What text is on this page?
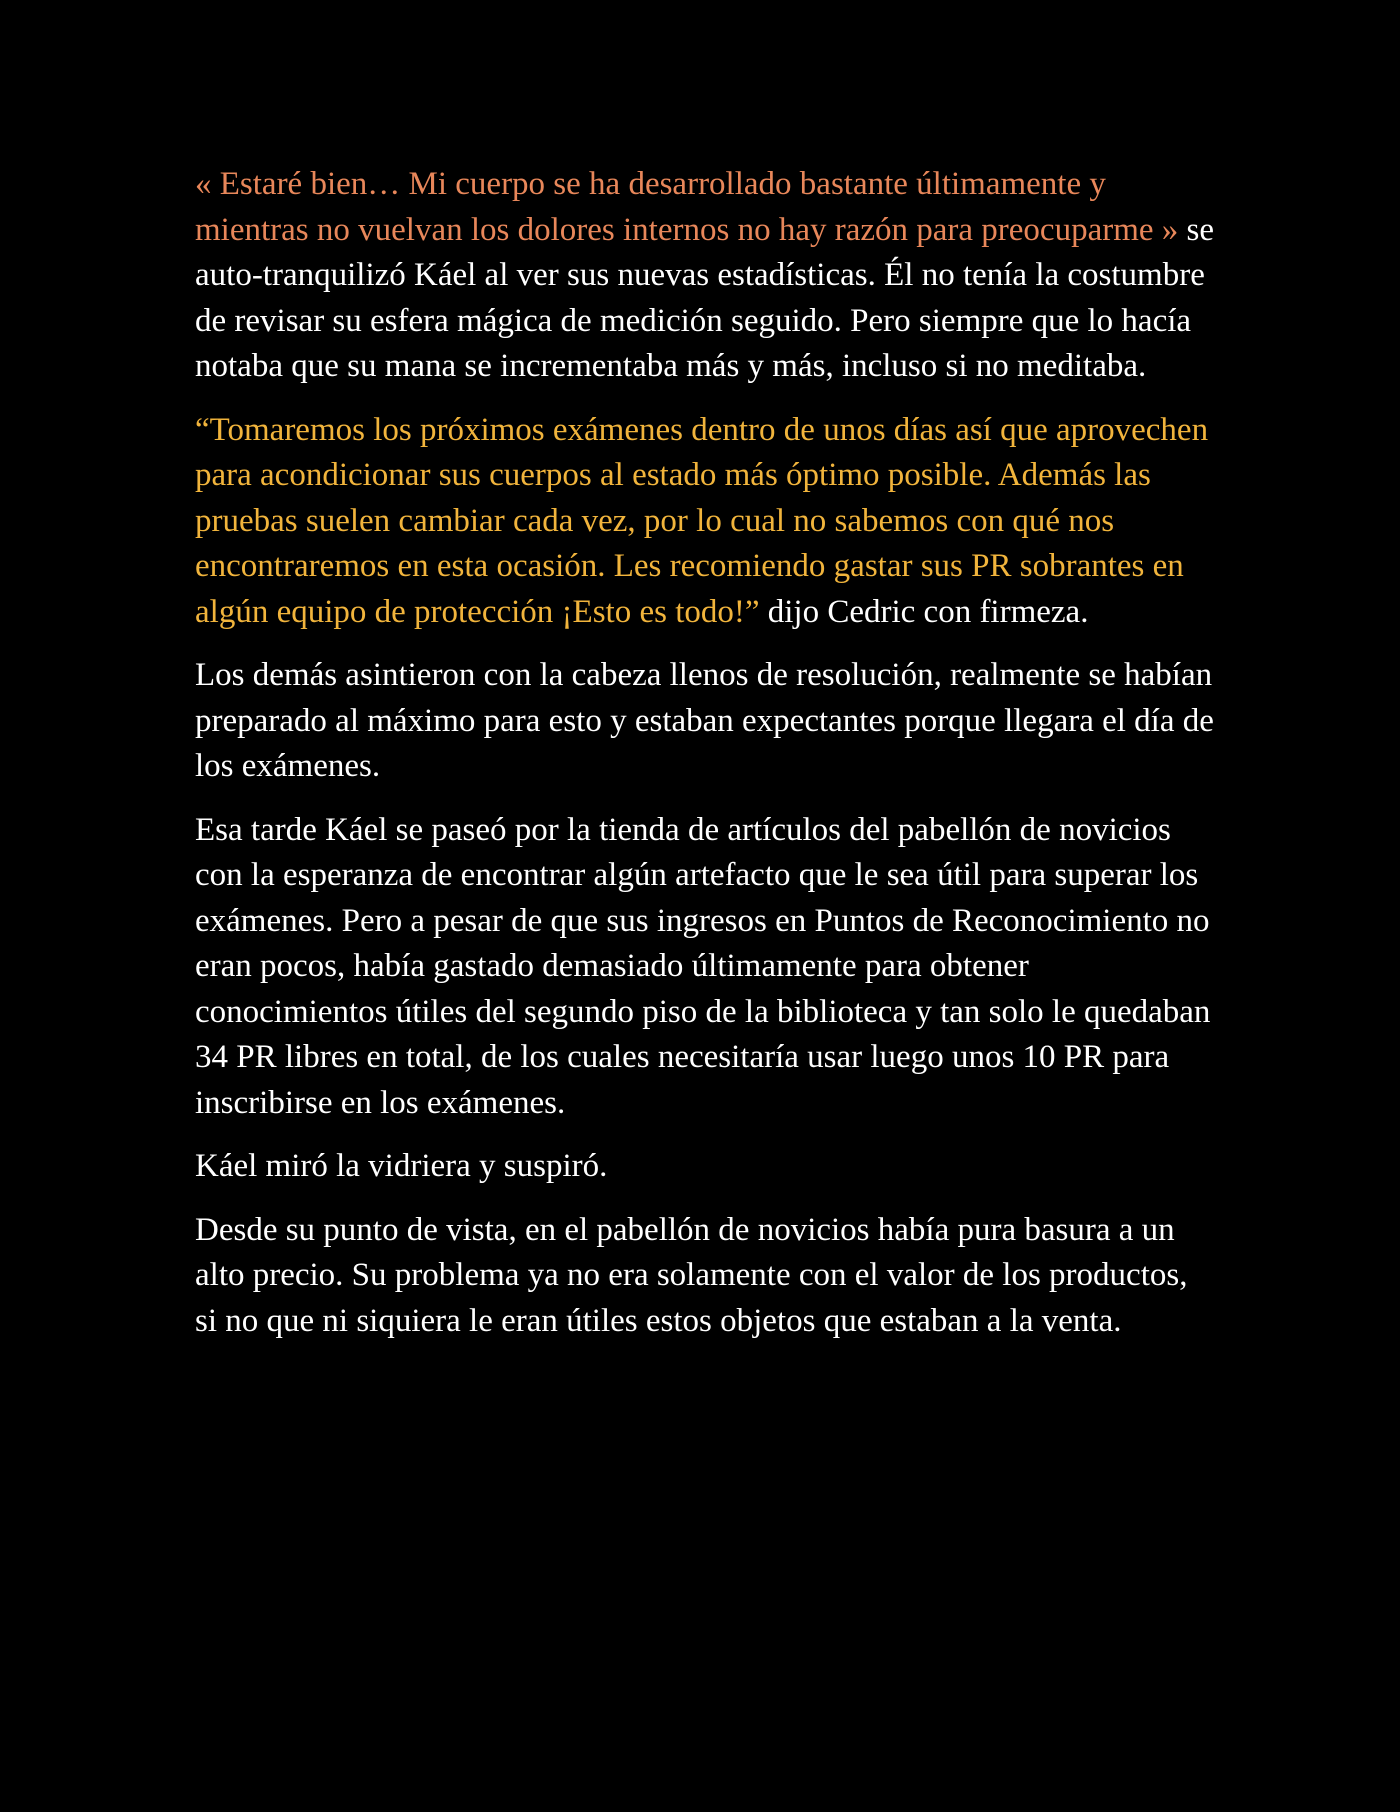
« Estaré bien… Mi cuerpo se ha desarrollado bastante últimamente y mientras no vuelvan los dolores internos no hay razón para preocuparme » se auto-tranquilizó Káel al ver sus nuevas estadísticas. Él no tenía la costumbre de revisar su esfera mágica de medición seguido. Pero siempre que lo hacía notaba que su mana se incrementaba más y más, incluso si no meditaba.

“Tomaremos los próximos exámenes dentro de unos días así que aprovechen para acondicionar sus cuerpos al estado más óptimo posible. Además las pruebas suelen cambiar cada vez, por lo cual no sabemos con qué nos encontraremos en esta ocasión. Les recomiendo gastar sus PR sobrantes en algún equipo de protección ¡Esto es todo!” dijo Cedric con firmeza.

Los demás asintieron con la cabeza llenos de resolución, realmente se habían preparado al máximo para esto y estaban expectantes porque llegara el día de los exámenes.

Esa tarde Káel se paseó por la tienda de artículos del pabellón de novicios con la esperanza de encontrar algún artefacto que le sea útil para superar los exámenes. Pero a pesar de que sus ingresos en Puntos de Reconocimiento no eran pocos, había gastado demasiado últimamente para obtener conocimientos útiles del segundo piso de la biblioteca y tan solo le quedaban 34 PR libres en total, de los cuales necesitaría usar luego unos 10 PR para inscribirse en los exámenes.

Káel miró la vidriera y suspiró.

Desde su punto de vista, en el pabellón de novicios había pura basura a un alto precio. Su problema ya no era solamente con el valor de los productos, si no que ni siquiera le eran útiles estos objetos que estaban a la venta.
